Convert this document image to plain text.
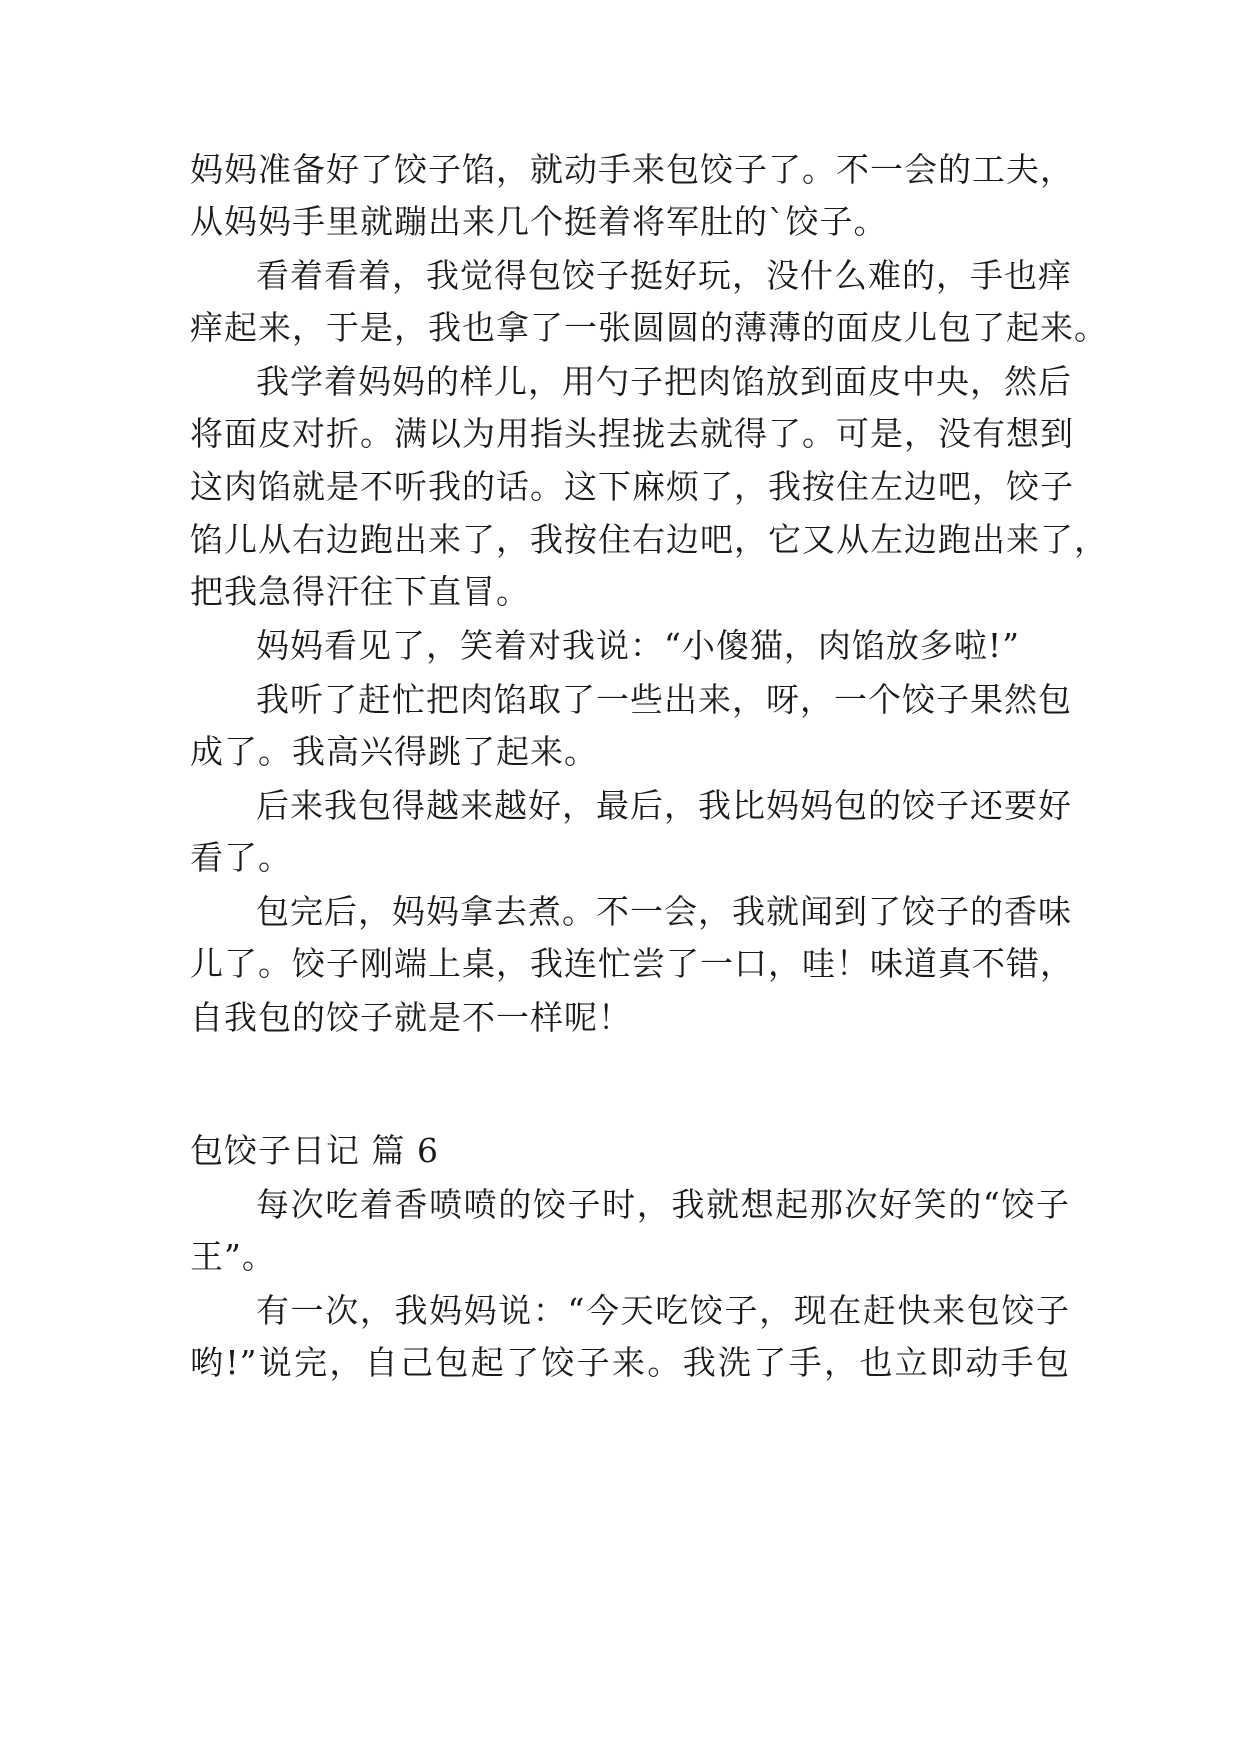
妈妈准备好了饺子馅，就动手来包饺子了。不一会的工夫，
从妈妈手里就蹦出来几个挺着将军肚的`饺子。
看着看着，我觉得包饺子挺好玩，没什么难的，手也痒
痒起来，于是，我也拿了一张圆圆的薄薄的面皮儿包了起来。
我学着妈妈的样儿，用勺子把肉馅放到面皮中央，然后
将面皮对折。满以为用指头捏拢去就得了。可是，没有想到
这肉馅就是不听我的话。这下麻烦了，我按住左边吧，饺子
馅儿从右边跑出来了，我按住右边吧，它又从左边跑出来了，
把我急得汗往下直冒。
妈妈看见了，笑着对我说：“小傻猫，肉馅放多啦!”
我听了赶忙把肉馅取了一些出来，呀，一个饺子果然包
成了。我高兴得跳了起来。
后来我包得越来越好，最后，我比妈妈包的饺子还要好
看了。
包完后，妈妈拿去煮。不一会，我就闻到了饺子的香味
儿了。饺子刚端上桌，我连忙尝了一口，哇！味道真不错，
自我包的饺子就是不一样呢！
包饺子日记 篇 6
每次吃着香喷喷的饺子时，我就想起那次好笑的“饺子
王”。
有一次，我妈妈说：“今天吃饺子，现在赶快来包饺子
哟!”说完，自己包起了饺子来。我洗了手，也立即动手包
